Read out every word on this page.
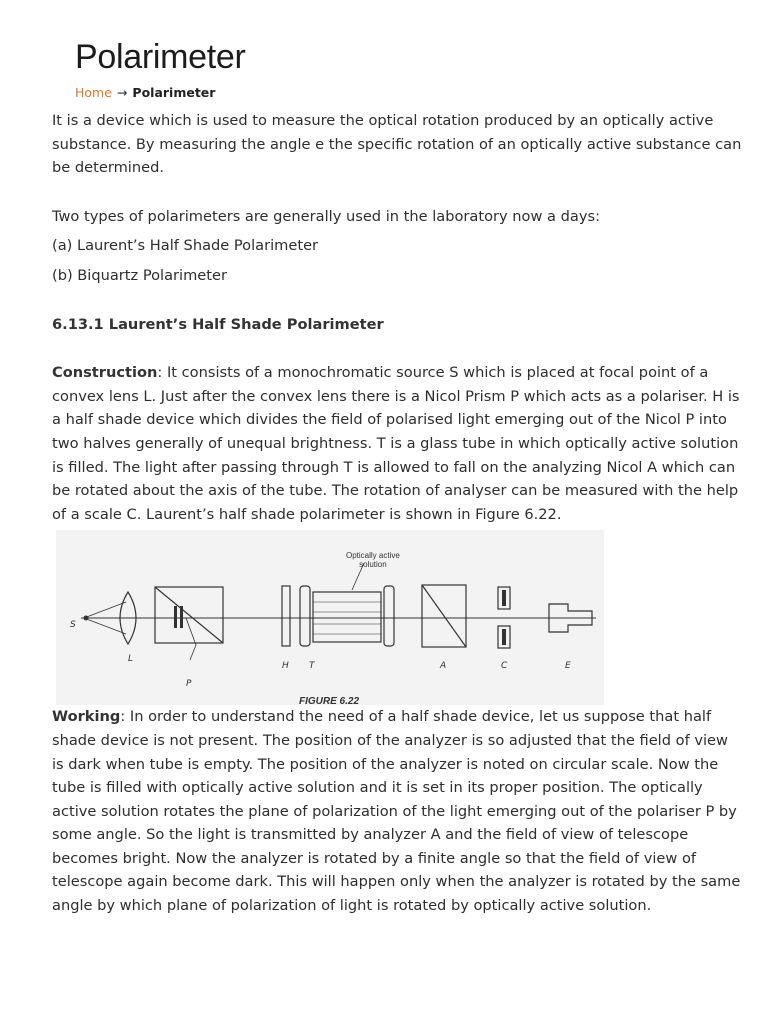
Polarimeter
Home → Polarimeter

It is a device which is used to measure the optical rotation produced by an optically active substance. By measuring the angle e the specific rotation of an optically active substance can be determined.

Two types of polarimeters are generally used in the laboratory now a days:

(a) Laurent’s Half Shade Polarimeter

(b) Biquartz Polarimeter

6.13.1 Laurent’s Half Shade Polarimeter

Construction: It consists of a monochromatic source S which is placed at focal point of a convex lens L. Just after the convex lens there is a Nicol Prism P which acts as a polariser. H is a half shade device which divides the field of polarised light emerging out of the Nicol P into two halves generally of unequal brightness. T is a glass tube in which optically active solution is filled. The light after passing through T is allowed to fall on the analyzing Nicol A which can be rotated about the axis of the tube. The rotation of analyser can be measured with the help of a scale C. Laurent’s half shade polarimeter is shown in Figure 6.22.

FIGURE 6.22
Optically active
solution
S
L
P
H T	A	C	E

Working: In order to understand the need of a half shade device, let us suppose that half shade device is not present. The position of the analyzer is so adjusted that the field of view is dark when tube is empty. The position of the analyzer is noted on circular scale. Now the tube is filled with optically active solution and it is set in its proper position. The optically active solution rotates the plane of polarization of the light emerging out of the polariser P by some angle. So the light is transmitted by analyzer A and the field of view of telescope becomes bright. Now the analyzer is rotated by a finite angle so that the field of view of telescope again become dark. This will happen only when the analyzer is rotated by the same angle by which plane of polarization of light is rotated by optically active solution.
